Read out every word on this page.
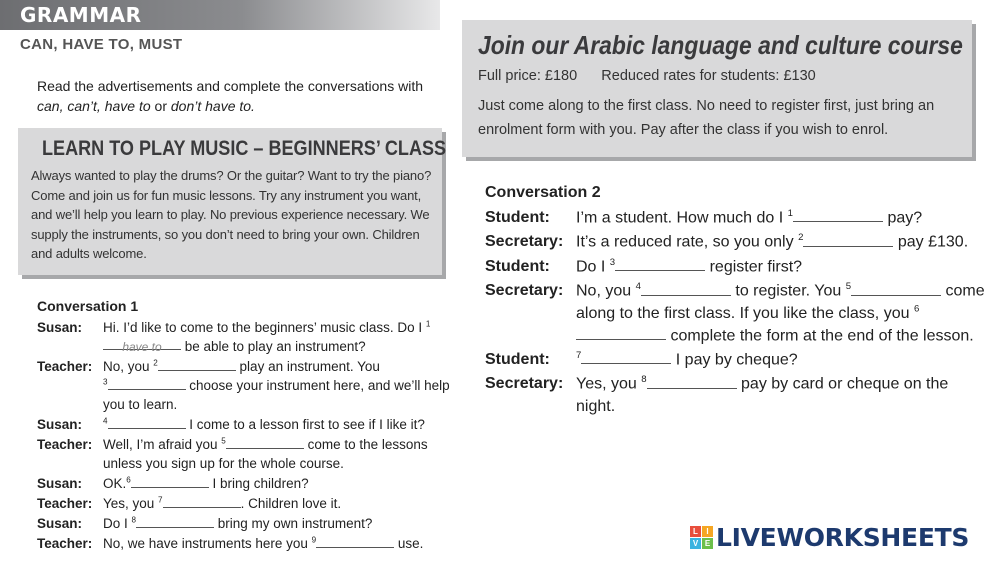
GRAMMAR
CAN, HAVE TO, MUST
Read the advertisements and complete the conversations with can, can’t, have to or don’t have to.
LEARN TO PLAY MUSIC – BEGINNERS’ CLASS
Always wanted to play the drums? Or the guitar? Want to try the piano? Come and join us for fun music lessons. Try any instrument you want, and we’ll help you learn to play. No previous experience necessary. We supply the instruments, so you don’t need to bring your own. Children and adults welcome.
Join our Arabic language and culture course
Full price: £180      Reduced rates for students: £130
Just come along to the first class. No need to register first, just bring an enrolment form with you. Pay after the class if you wish to enrol.
Conversation 1
Susan:	Hi. I’d like to come to the beginners’ music class. Do I $^1$have to be able to play an instrument?
Teacher: No, you $^2$	play an instrument. You
$^3$	choose your instrument here, and we’ll help you to learn.
Susan:	$^4$	I come to a lesson first to see if I like it?
Teacher: Well, I’m afraid you $^5$	come to the lessons unless you sign up for the whole course.
Susan:	OK.$^6$	I bring children?
Teacher: Yes, you $^7$	. Children love it.
Susan:	Do I $^8$	bring my own instrument?
Teacher: No, we have instruments here you $^9$	use.
Conversation 2
Student:	I’m a student. How much do I $^1$	pay?
Secretary: It’s a reduced rate, so you only $^2$	pay £130.
Student:	Do I $^3$	register first?
Secretary: No, you $^4$	to register. You $^5$	come along to the first class. If you like the class, you $^6$ complete the form at the end of the lesson.
Student:	$^7$	I pay by cheque?
Secretary: Yes, you $^8$	pay by card or cheque on the night.
L	I
V E LIVEWORKSHEETS
